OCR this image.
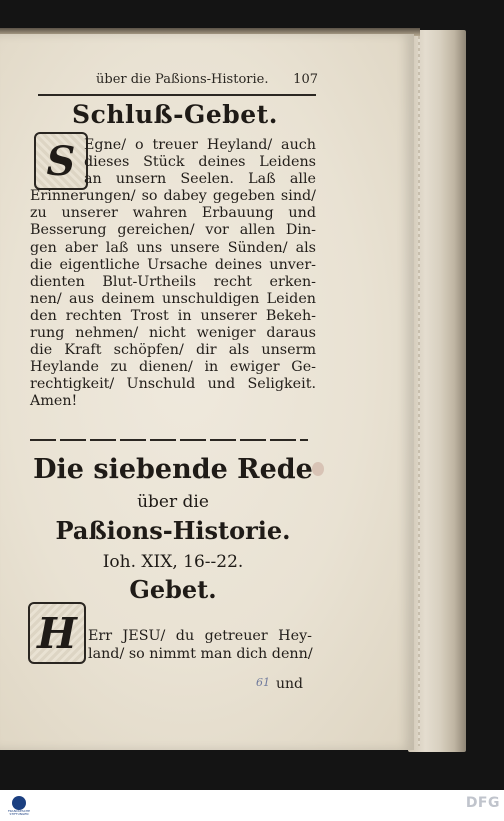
über die Paßions-Historie. 107
Schluß-Gebet.
S Egne/ o treuer Heyland/ auch
dieses Stück deines Leidens
an unsern Seelen. Laß alle
Erinnerungen/ so dabey gegeben sind/
zu unserer wahren Erbauung und
Besserung gereichen/ vor allen Din-
gen aber laß uns unsere Sünden/ als
die eigentliche Ursache deines unver-
dienten Blut-Urtheils recht erken-
nen/ aus deinem unschuldigen Leiden
den rechten Trost in unserer Bekeh-
rung nehmen/ nicht weniger daraus
die Kraft schöpfen/ dir als unserm
Heylande zu dienen/ in ewiger Ge-
rechtigkeit/ Unschuld und Seligkeit.
Amen!
Die siebende Rede
über die
Paßions-Historie.
Ioh. XIX, 16--22.
Gebet.
H Err JESU/ du getreuer Hey-
land/ so nimmt man dich denn/
61 und
FRANCKESCHE STIFTUNGEN
DFG
